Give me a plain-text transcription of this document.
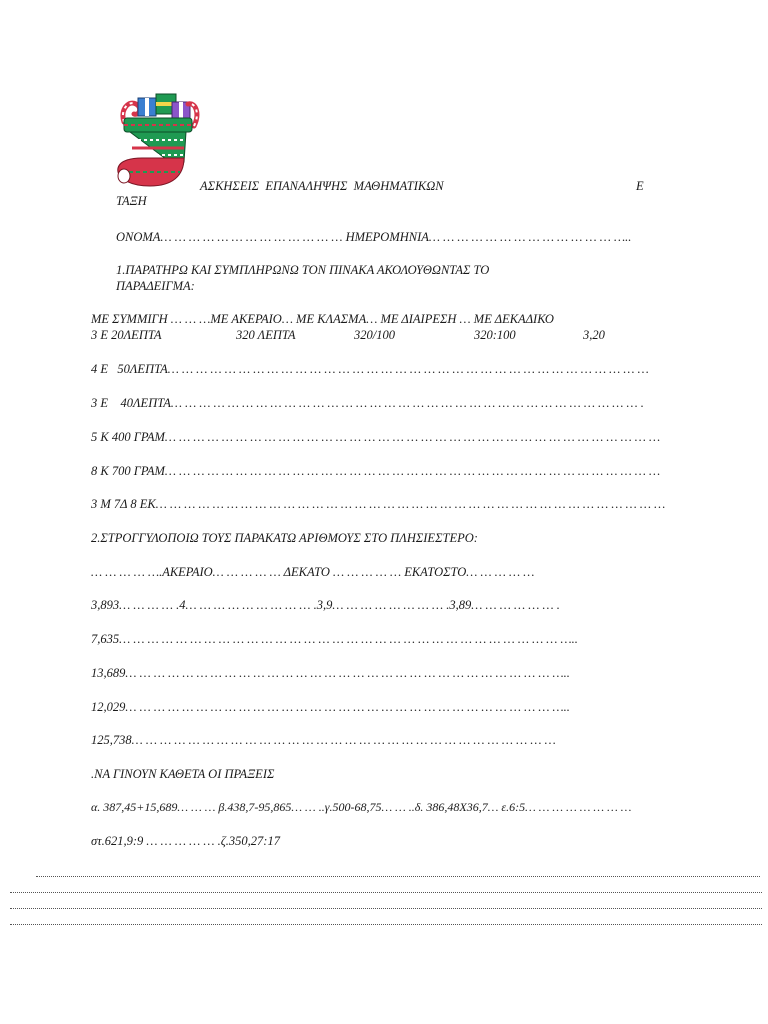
ΑΣΚΗΣΕΙΣ  ΕΠΑΝΑΛΗΨΗΣ  ΜΑΘΗΜΑΤΙΚΩΝ	Ε
ΤΑΞΗ
ΟΝΟΜΑ… … … … … … … … … … … … … ΗΜΕΡΟΜΗΝΙΑ… … … … … … … … … … … … … …..
1.ΠΑΡΑΤΗΡΩ ΚΑΙ ΣΥΜΠΛΗΡΩΝΩ ΤΟΝ ΠΙΝΑΚΑ ΑΚΟΛΟΥΘΩΝΤΑΣ ΤΟ
ΠΑΡΑΔΕΙΓΜΑ:
ΜΕ ΣΥΜΜΙΓΗ … … …ΜΕ ΑΚΕΡΑΙΟ… ΜΕ ΚΛΑΣΜΑ… ΜΕ ΔΙΑΙΡΕΣΗ … ΜΕ ΔΕΚΑΔΙΚΟ
3 Ε 20ΛΕΠΤΑ	320 ΛΕΠΤΑ	320/100	320:100	3,20
4 Ε   50ΛΕΠΤΑ… … … … … … … … … … … … … … … … … … … … … … … … … … … … … … … … … …
3 Ε    40ΛΕΠΤΑ… … … … … … … … … … … … … … … … … … … … … … … … … … … … … … … … … .
5 Κ 400 ΓΡΑΜ… … … … … … … … … … … … … … … … … … … … … … … … … … … … … … … … … … …
8 Κ 700 ΓΡΑΜ… … … … … … … … … … … … … … … … … … … … … … … … … … … … … … … … … … …
3 Μ 7Δ 8 ΕΚ… … … … … … … … … … … … … … … … … … … … … … … … … … … … … … … … … … … …
2.ΣΤΡΟΓΓΥΛΟΠΟΙΩ ΤΟΥΣ ΠΑΡΑΚΑΤΩ ΑΡΙΘΜΟΥΣ ΣΤΟ ΠΛΗΣΙΕΣΤΕΡΟ:
… … … … ….ΑΚΕΡΑΙΟ… … … … … ΔΕΚΑΤΟ … … … … … ΕΚΑΤΟΣΤΟ… … … … …
3,893… … … … .4… … … … … … … … … .3,9… … … … … … … … .3,89… … … … … … .
7,635… … … … … … … … … … … … … … … … … … … … … … … … … … … … … … … …..
13,689… … … … … … … … … … … … … … … … … … … … … … … … … … … … … … …..
12,029… … … … … … … … … … … … … … … … … … … … … … … … … … … … … … …..
125,738… … … … … … … … … … … … … … … … … … … … … … … … … … … … … …
.ΝΑ ΓΙΝΟΥΝ ΚΑΘΕΤΑ ΟΙ ΠΡΑΞΕΙΣ
α. 387,45+15,689… … … β.438,7-95,865… … ..γ.500-68,75… … ..δ. 386,48Χ36,7… ε.6:5… … … … … … … …
στ.621,9:9 … … … … … .ζ.350,27:17
